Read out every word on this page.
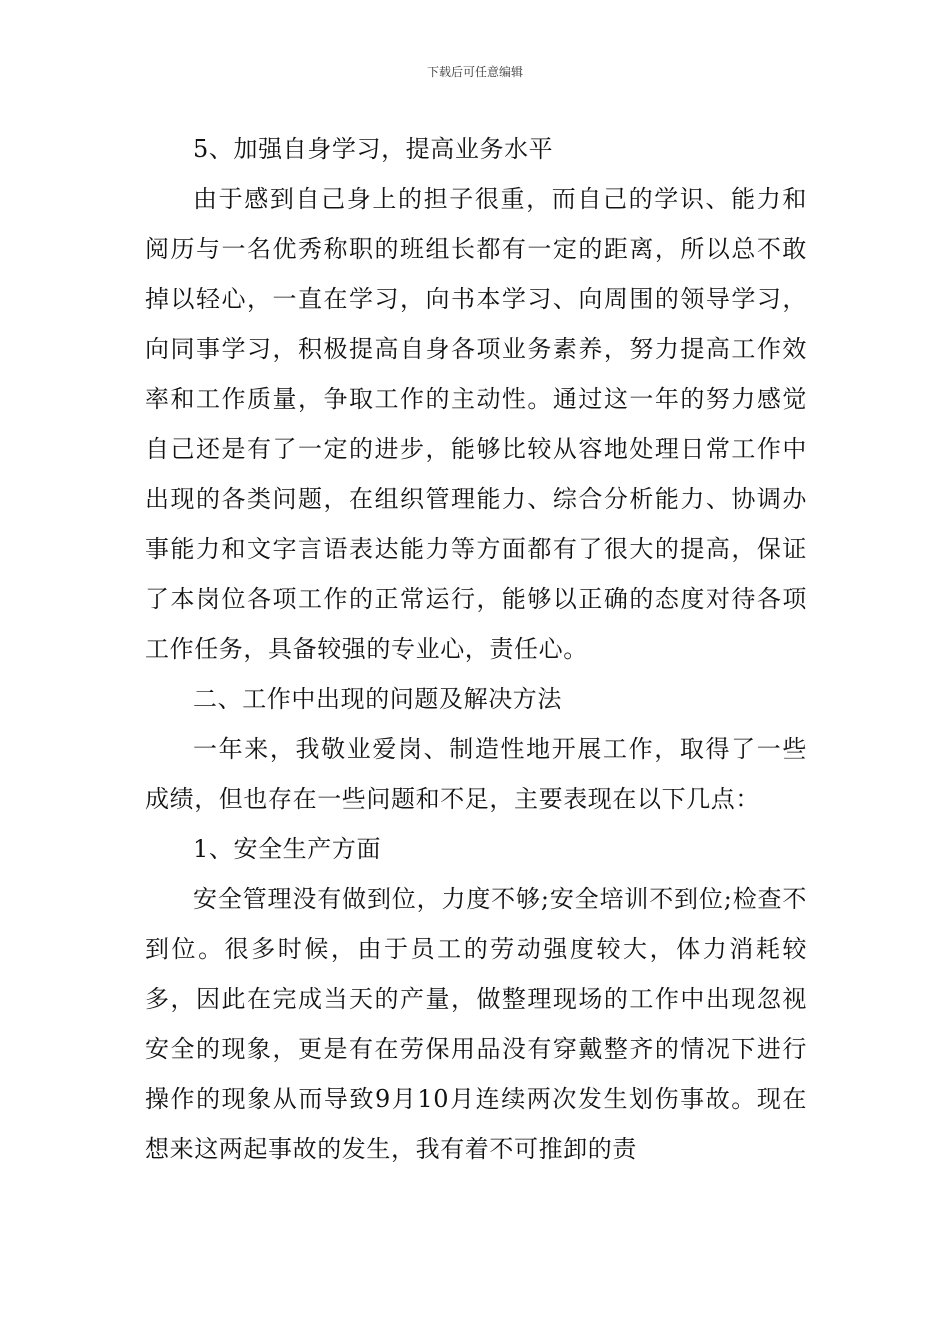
下载后可任意编辑

5、加强自身学习，提高业务水平

由于感到自己身上的担子很重，而自己的学识、能力和阅历与一名优秀称职的班组长都有一定的距离，所以总不敢掉以轻心，一直在学习，向书本学习、向周围的领导学习，向同事学习，积极提高自身各项业务素养，努力提高工作效率和工作质量，争取工作的主动性。通过这一年的努力感觉自己还是有了一定的进步，能够比较从容地处理日常工作中出现的各类问题，在组织管理能力、综合分析能力、协调办事能力和文字言语表达能力等方面都有了很大的提高，保证了本岗位各项工作的正常运行，能够以正确的态度对待各项工作任务，具备较强的专业心，责任心。

二、工作中出现的问题及解决方法

一年来，我敬业爱岗、制造性地开展工作，取得了一些成绩，但也存在一些问题和不足，主要表现在以下几点：

1、安全生产方面

安全管理没有做到位，力度不够;安全培训不到位;检查不到位。很多时候，由于员工的劳动强度较大，体力消耗较多，因此在完成当天的产量，做整理现场的工作中出现忽视安全的现象，更是有在劳保用品没有穿戴整齐的情况下进行操作的现象从而导致9月10月连续两次发生划伤事故。现在想来这两起事故的发生，我有着不可推卸的责
